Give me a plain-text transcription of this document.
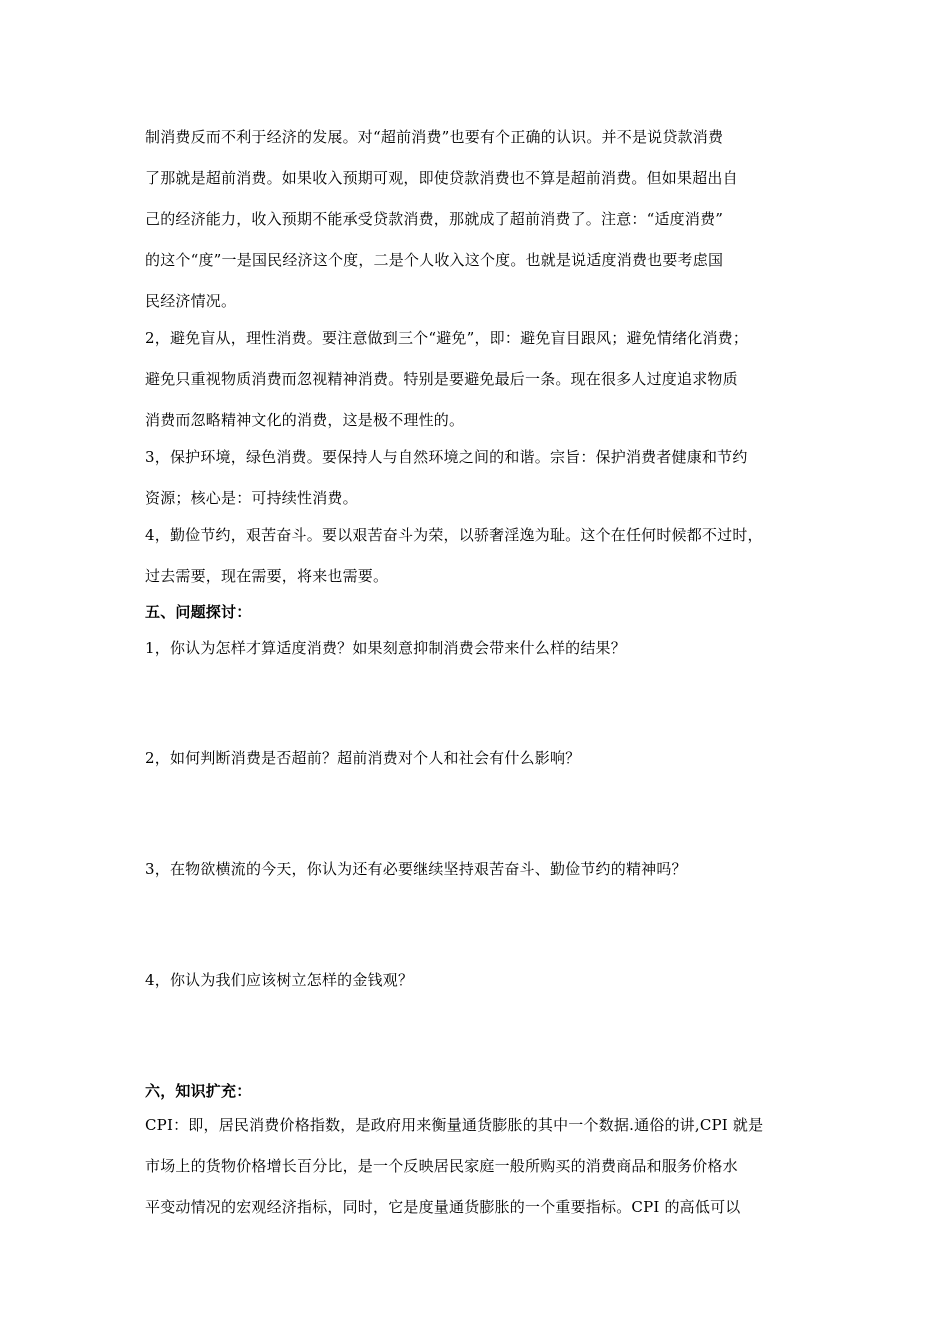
制消费反而不利于经济的发展。对“超前消费”也要有个正确的认识。并不是说贷款消费
了那就是超前消费。如果收入预期可观，即使贷款消费也不算是超前消费。但如果超出自
己的经济能力，收入预期不能承受贷款消费，那就成了超前消费了。注意：“适度消费”
的这个“度”一是国民经济这个度，二是个人收入这个度。也就是说适度消费也要考虑国
民经济情况。
2，避免盲从，理性消费。要注意做到三个“避免”，即：避免盲目跟风；避免情绪化消费；
避免只重视物质消费而忽视精神消费。特别是要避免最后一条。现在很多人过度追求物质
消费而忽略精神文化的消费，这是极不理性的。
3，保护环境，绿色消费。要保持人与自然环境之间的和谐。宗旨：保护消费者健康和节约
资源；核心是：可持续性消费。
4，勤俭节约，艰苦奋斗。要以艰苦奋斗为荣，以骄奢淫逸为耻。这个在任何时候都不过时，
过去需要，现在需要，将来也需要。
五、问题探讨：
1，你认为怎样才算适度消费？如果刻意抑制消费会带来什么样的结果？
2，如何判断消费是否超前？超前消费对个人和社会有什么影响？
3，在物欲横流的今天，你认为还有必要继续坚持艰苦奋斗、勤俭节约的精神吗？
4，你认为我们应该树立怎样的金钱观？
六，知识扩充：
CPI：即，居民消费价格指数，是政府用来衡量通货膨胀的其中一个数据.通俗的讲,CPI 就是
市场上的货物价格增长百分比，是一个反映居民家庭一般所购买的消费商品和服务价格水
平变动情况的宏观经济指标，同时，它是度量通货膨胀的一个重要指标。CPI 的高低可以
